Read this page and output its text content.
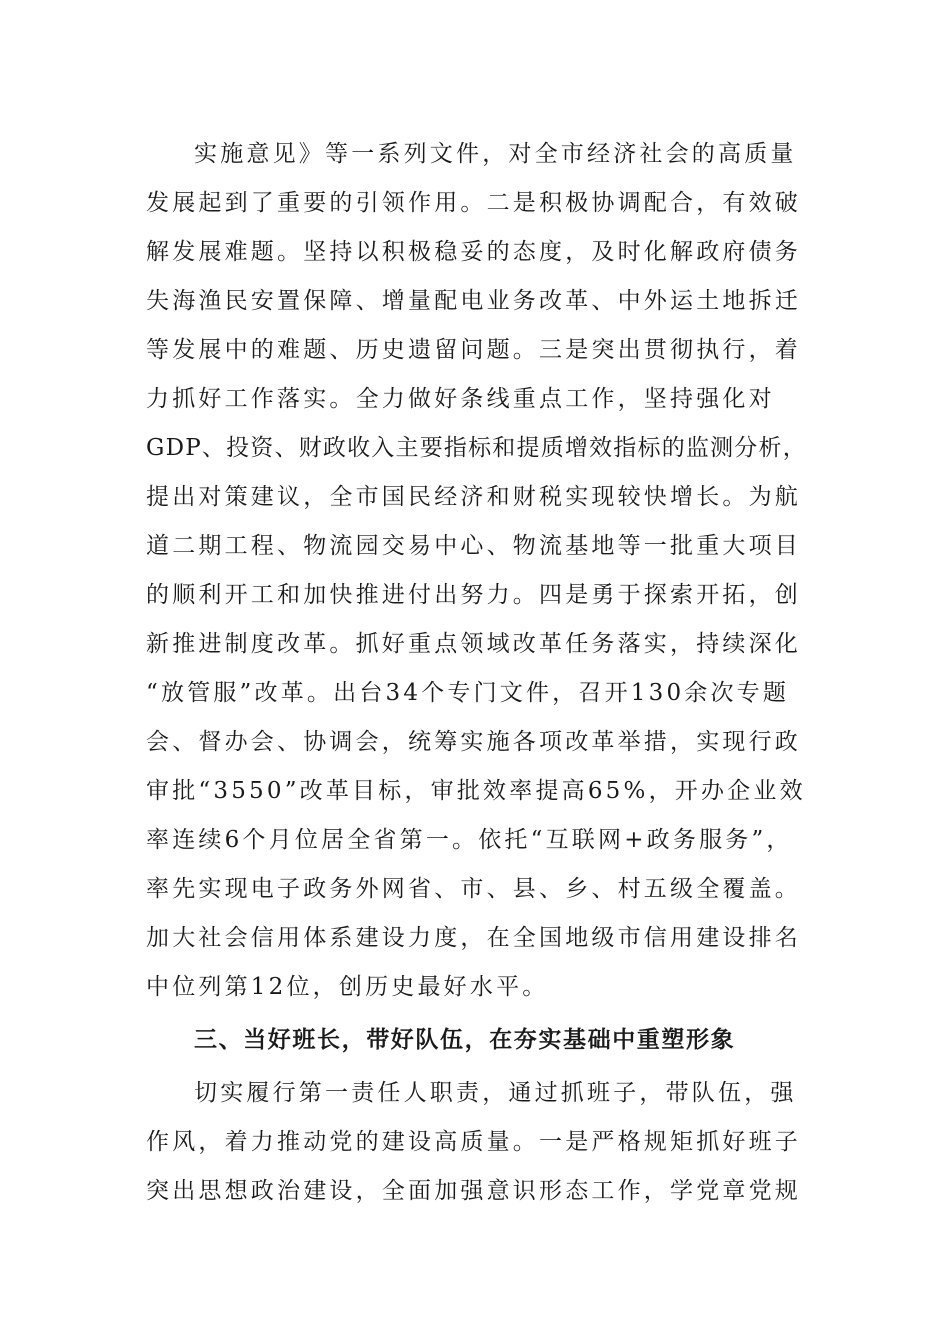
实施意见》等一系列文件，对全市经济社会的高质量
发展起到了重要的引领作用。二是积极协调配合，有效破
解发展难题。坚持以积极稳妥的态度，及时化解政府债务
失海渔民安置保障、增量配电业务改革、中外运土地拆迁
等发展中的难题、历史遗留问题。三是突出贯彻执行，着
力抓好工作落实。全力做好条线重点工作，坚持强化对
GDP、投资、财政收入主要指标和提质增效指标的监测分析，
提出对策建议，全市国民经济和财税实现较快增长。为航
道二期工程、物流园交易中心、物流基地等一批重大项目
的顺利开工和加快推进付出努力。四是勇于探索开拓，创
新推进制度改革。抓好重点领域改革任务落实，持续深化
“放管服”改革。出台34个专门文件，召开130余次专题
会、督办会、协调会，统筹实施各项改革举措，实现行政
审批“3550”改革目标，审批效率提高65%，开办企业效
率连续6个月位居全省第一。依托“互联网+政务服务”，
率先实现电子政务外网省、市、县、乡、村五级全覆盖。
加大社会信用体系建设力度，在全国地级市信用建设排名
中位列第12位，创历史最好水平。
三、当好班长，带好队伍，在夯实基础中重塑形象
切实履行第一责任人职责，通过抓班子，带队伍，强
作风，着力推动党的建设高质量。一是严格规矩抓好班子
突出思想政治建设，全面加强意识形态工作，学党章党规
